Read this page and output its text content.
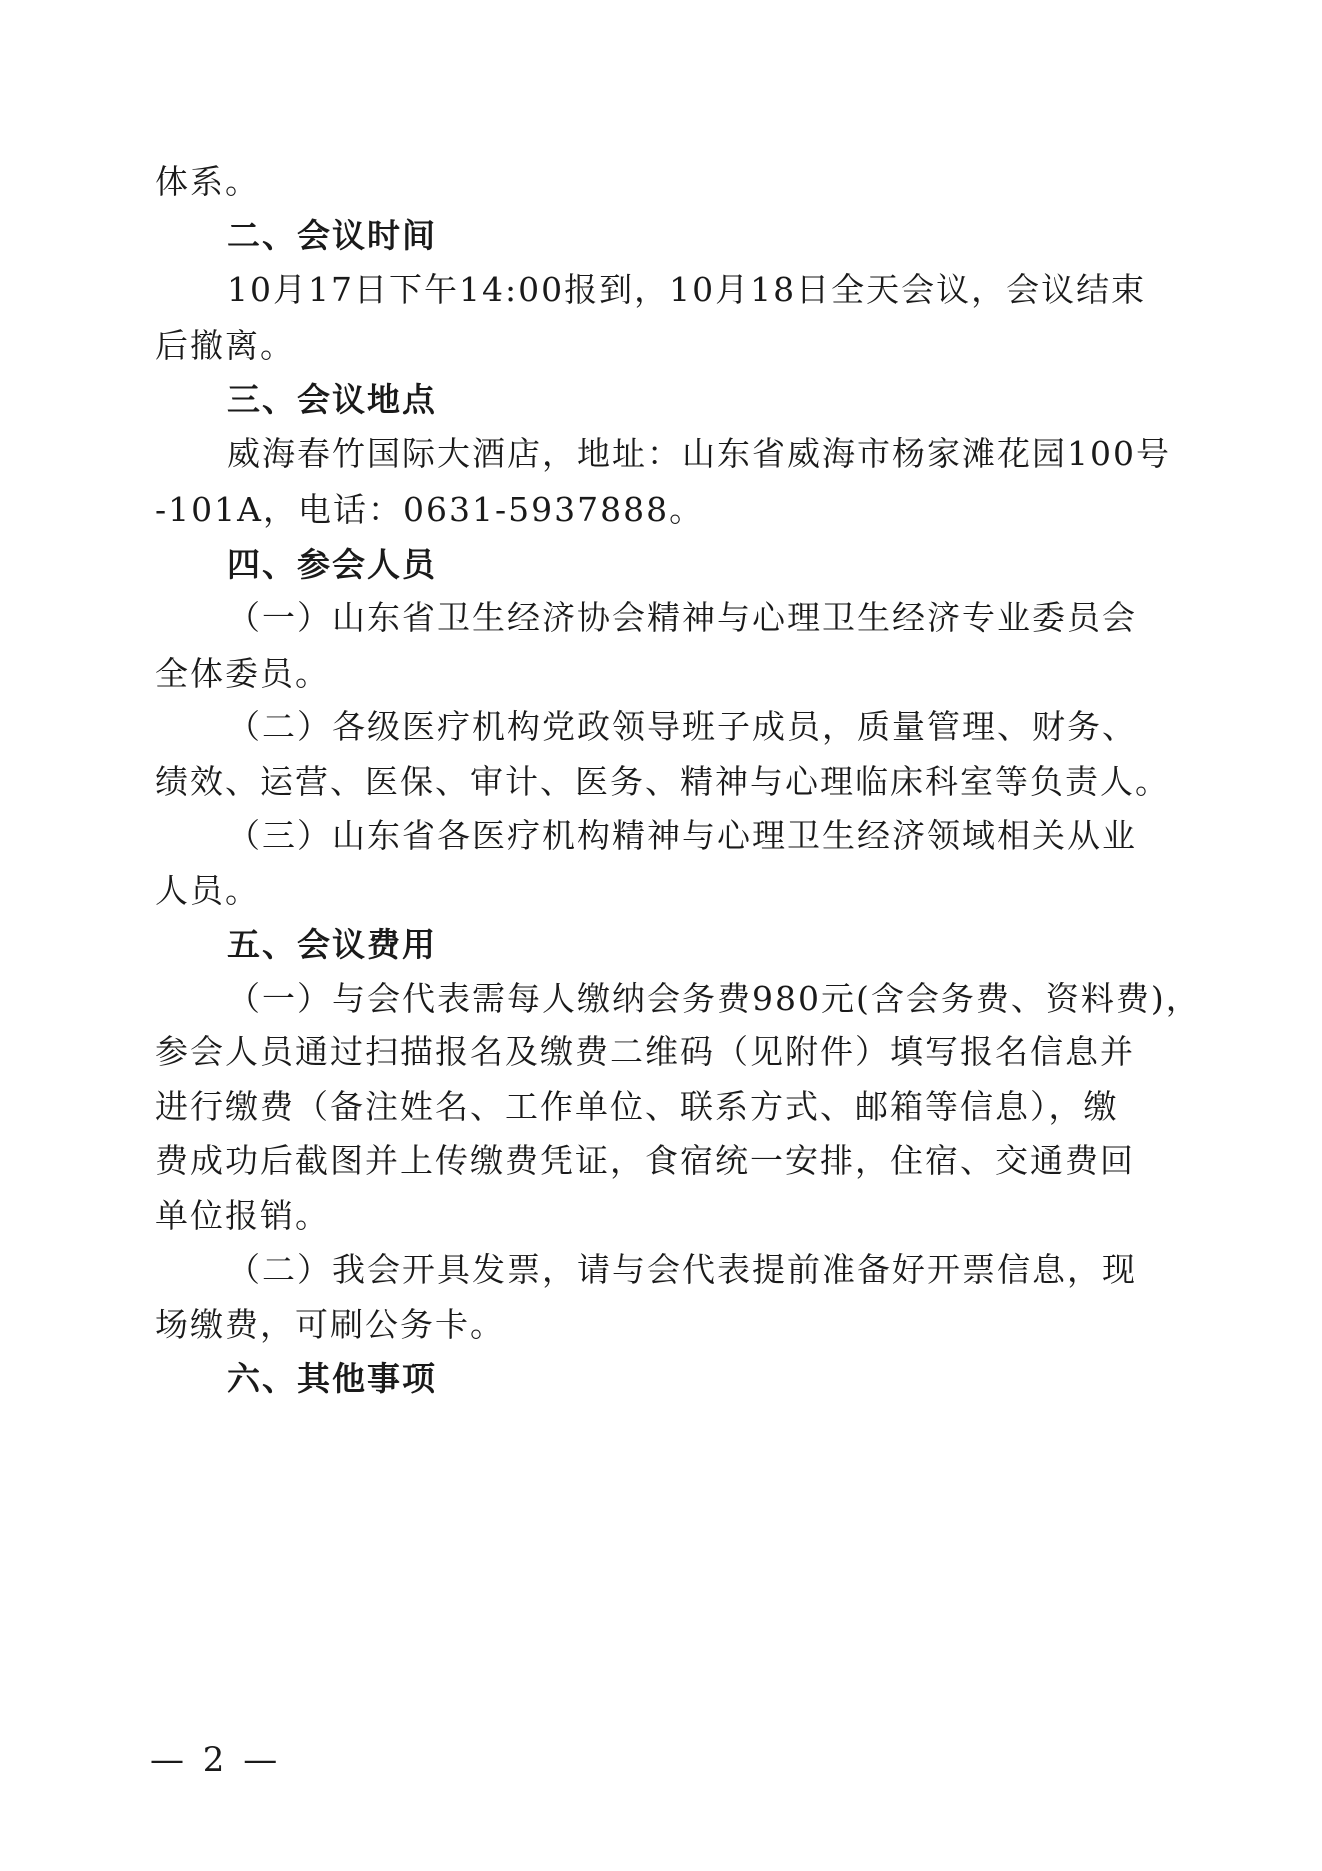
体系。
二、会议时间
10月17日下午14:00报到，10月18日全天会议，会议结束
后撤离。
三、会议地点
威海春竹国际大酒店，地址：山东省威海市杨家滩花园100号
-101A，电话：0631-5937888。
四、参会人员
（一）山东省卫生经济协会精神与心理卫生经济专业委员会
全体委员。
（二）各级医疗机构党政领导班子成员，质量管理、财务、
绩效、运营、医保、审计、医务、精神与心理临床科室等负责人。
（三）山东省各医疗机构精神与心理卫生经济领域相关从业
人员。
五、会议费用
（一）与会代表需每人缴纳会务费980元(含会务费、资料费)，
参会人员通过扫描报名及缴费二维码（见附件）填写报名信息并
进行缴费（备注姓名、工作单位、联系方式、邮箱等信息），缴
费成功后截图并上传缴费凭证，食宿统一安排，住宿、交通费回
单位报销。
（二）我会开具发票，请与会代表提前准备好开票信息，现
场缴费，可刷公务卡。
六、其他事项
— 2 —
